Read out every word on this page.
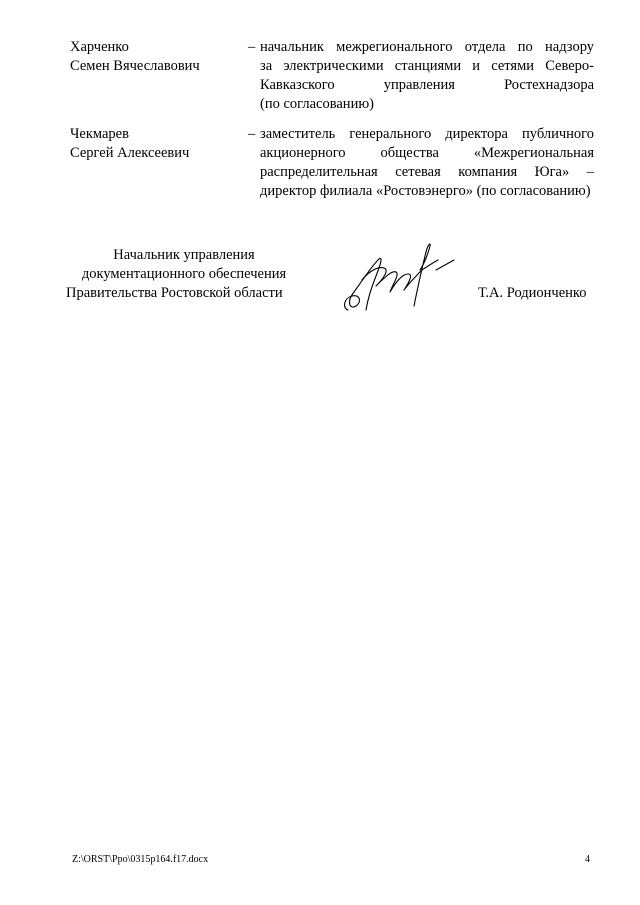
Харченко
Семен Вячеславович
– начальник межрегионального отдела по надзору
за электрическими станциями и сетями Северо-
Кавказского управления Ростехнадзора
(по согласованию)
Чекмарев
Сергей Алексеевич
– заместитель генерального директора публичного
акционерного общества «Межрегиональная
распределительная сетевая компания Юга» –
директор филиала «Ростовэнерго» (по согласованию)
Начальник управления
документационного обеспечения
Правительства Ростовской области	Т.А. Родионченко
Z:\ORST\Ppo\0315p164.f17.docx	4
